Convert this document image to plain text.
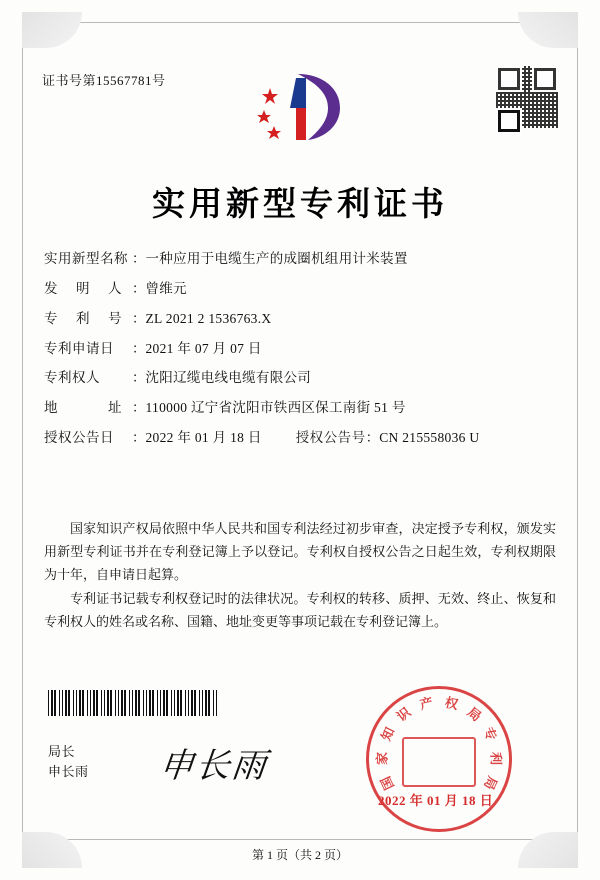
证书号第15567781号
实用新型专利证书
实用新型名称 ： 一种应用于电缆生产的成圈机组用计米装置
发明人 ： 曾维元
专利号 ： ZL 2021 2 1536763.X
专利申请日	： 2021 年 07 月 07 日
专利权人	： 沈阳辽缆电线电缆有限公司
地址 ： 110000 辽宁省沈阳市铁西区保工南街 51 号
授权公告日	： 2022 年 01 月 18 日	授权公告号 ： CN 215558036 U

国家知识产权局依照中华人民共和国专利法经过初步审查，决定授予专利权，颁发实用新型专利证书并在专利登记簿上予以登记。专利权自授权公告之日起生效，专利权期限为十年，自申请日起算。

专利证书记载专利权登记时的法律状况。专利权的转移、质押、无效、终止、恢复和专利权人的姓名或名称、国籍、地址变更等事项记载在专利登记簿上。

国
家
知
识
产 权
局
专
利
局
2022 年 01 月 18 日
局长
申长雨 申长雨
第 1 页（共 2 页）
